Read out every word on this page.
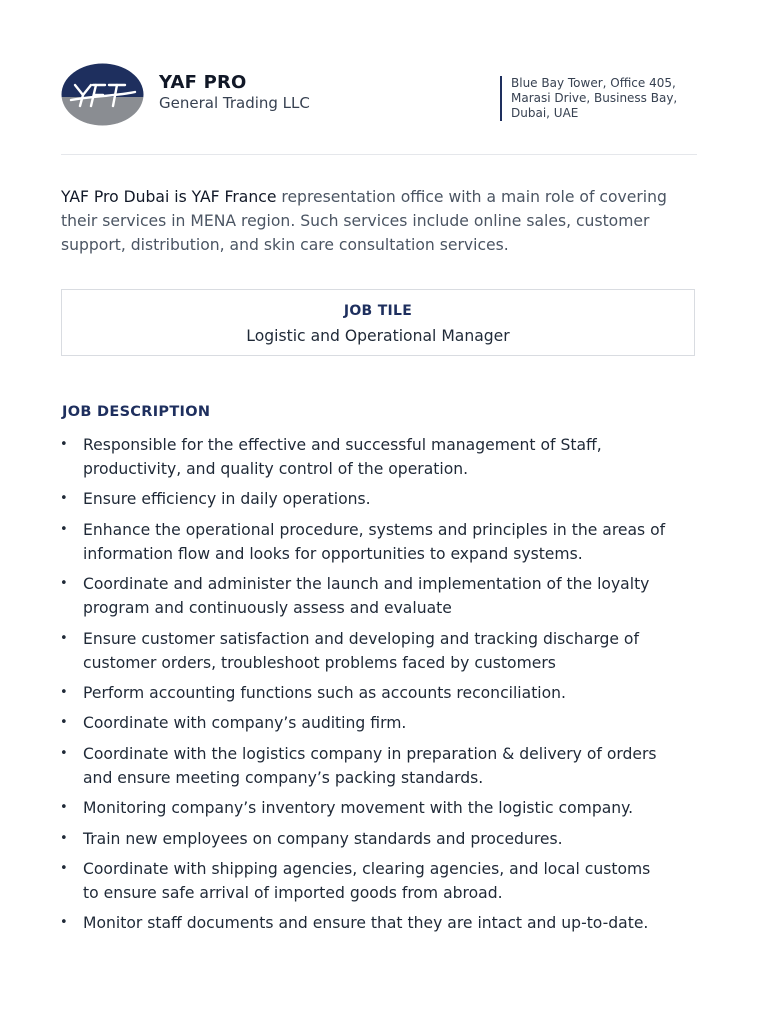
YAF PRO
General Trading LLC
Blue Bay Tower, Office 405, Marasi Drive, Business Bay, Dubai, UAE

YAF Pro Dubai is YAF France representation office with a main role of covering their services in MENA region. Such services include online sales, customer support, distribution, and skin care consultation services.

JOB TILE
Logistic and Operational Manager
JOB DESCRIPTION
• Responsible for the effective and successful management of Staff, productivity, and quality control of the operation.
• Ensure efficiency in daily operations.
• Enhance the operational procedure, systems and principles in the areas of information flow and looks for opportunities to expand systems.
• Coordinate and administer the launch and implementation of the loyalty program and continuously assess and evaluate
• Ensure customer satisfaction and developing and tracking discharge of customer orders, troubleshoot problems faced by customers
• Perform accounting functions such as accounts reconciliation.
• Coordinate with company’s auditing firm.
• Coordinate with the logistics company in preparation & delivery of orders and ensure meeting company’s packing standards.
• Monitoring company’s inventory movement with the logistic company.
• Train new employees on company standards and procedures.
• Coordinate with shipping agencies, clearing agencies, and local customs to ensure safe arrival of imported goods from abroad.
• Monitor staff documents and ensure that they are intact and up-to-date.
